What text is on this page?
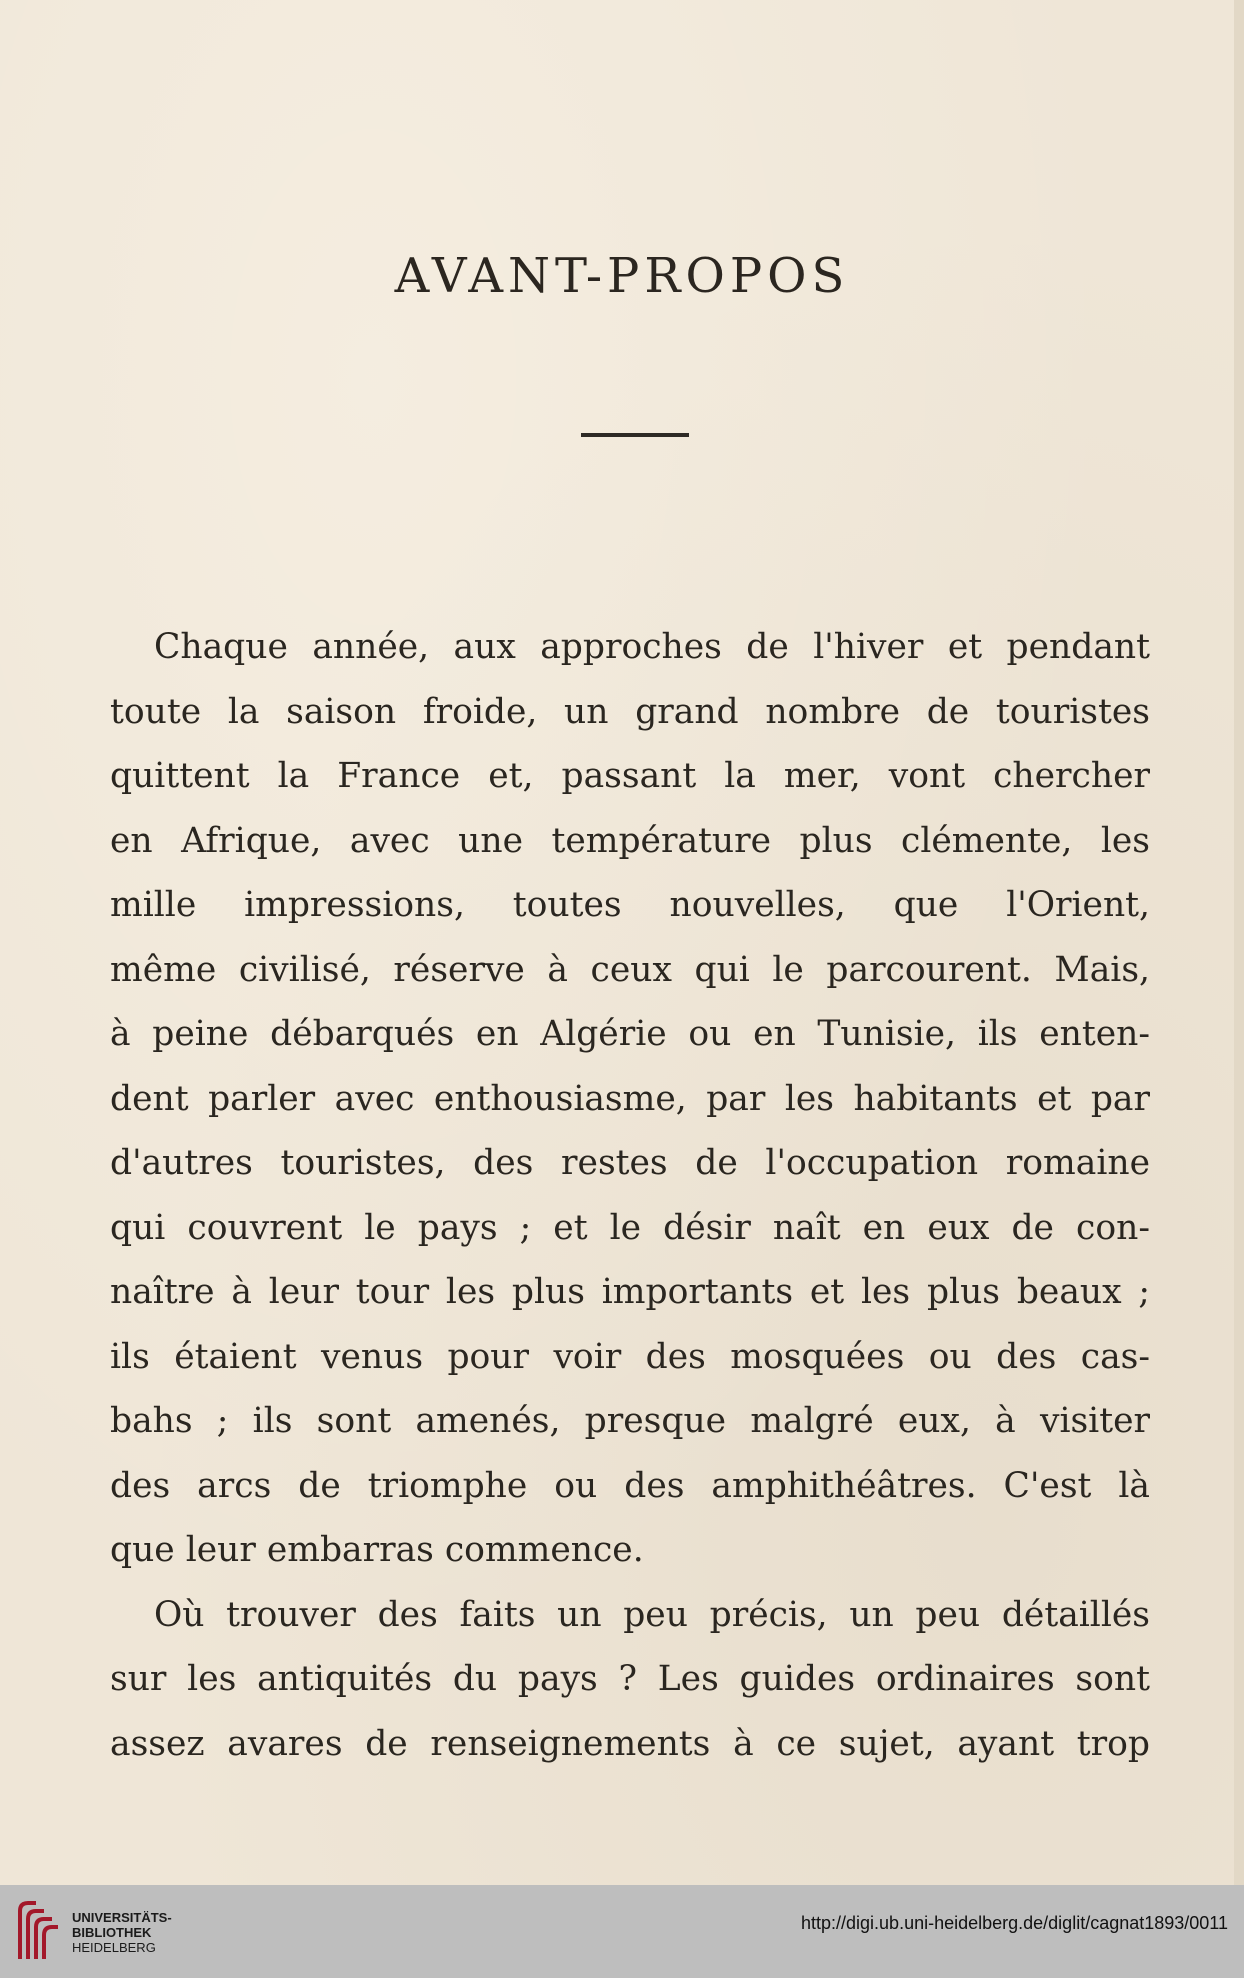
AVANT-PROPOS
Chaque année, aux approches de l'hiver et pendant
toute la saison froide, un grand nombre de touristes
quittent la France et, passant la mer, vont chercher
en Afrique, avec une température plus clémente, les
mille impressions, toutes nouvelles, que l'Orient,
même civilisé, réserve à ceux qui le parcourent. Mais,
à peine débarqués en Algérie ou en Tunisie, ils enten-
dent parler avec enthousiasme, par les habitants et par
d'autres touristes, des restes de l'occupation romaine
qui couvrent le pays ; et le désir naît en eux de con-
naître à leur tour les plus importants et les plus beaux ;
ils étaient venus pour voir des mosquées ou des cas-
bahs ; ils sont amenés, presque malgré eux, à visiter
des arcs de triomphe ou des amphithéâtres. C'est là
que leur embarras commence.
Où trouver des faits un peu précis, un peu détaillés
sur les antiquités du pays ? Les guides ordinaires sont
assez avares de renseignements à ce sujet, ayant trop
UNIVERSITÄTS-
BIBLIOTHEK
HEIDELBERG
http://digi.ub.uni-heidelberg.de/diglit/cagnat1893/0011
